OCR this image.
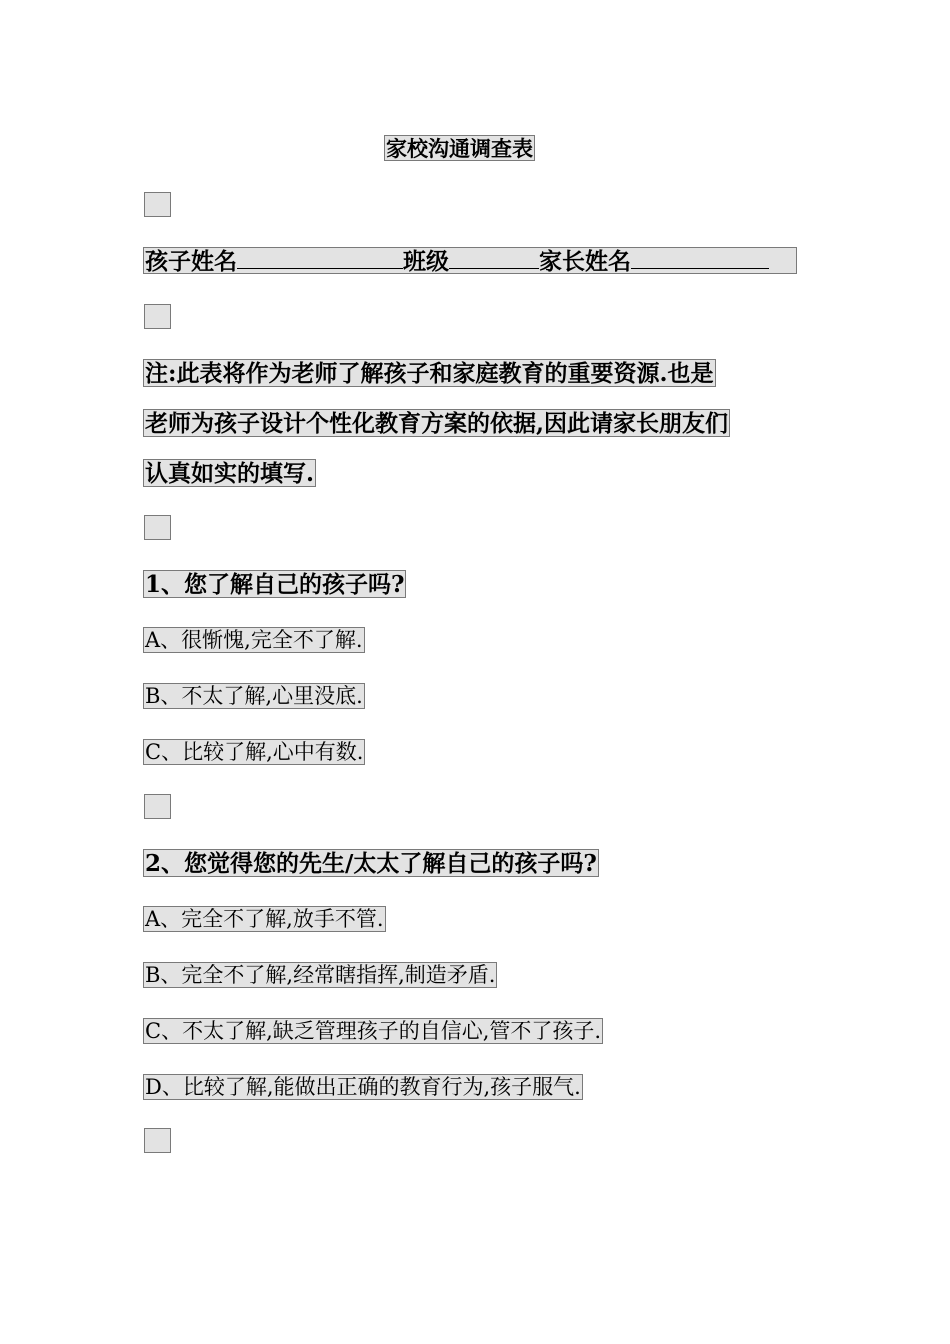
家校沟通调查表
孩子姓名	班级	家长姓名
注:此表将作为老师了解孩子和家庭教育的重要资源.也是
老师为孩子设计个性化教育方案的依据,因此请家长朋友们
认真如实的填写.
1、您了解自己的孩子吗?
A、很惭愧,完全不了解.
B、不太了解,心里没底.
C、比较了解,心中有数.
2、您觉得您的先生/太太了解自己的孩子吗?
A、完全不了解,放手不管.
B、完全不了解,经常瞎指挥,制造矛盾.
C、不太了解,缺乏管理孩子的自信心,管不了孩子.
D、比较了解,能做出正确的教育行为,孩子服气.
